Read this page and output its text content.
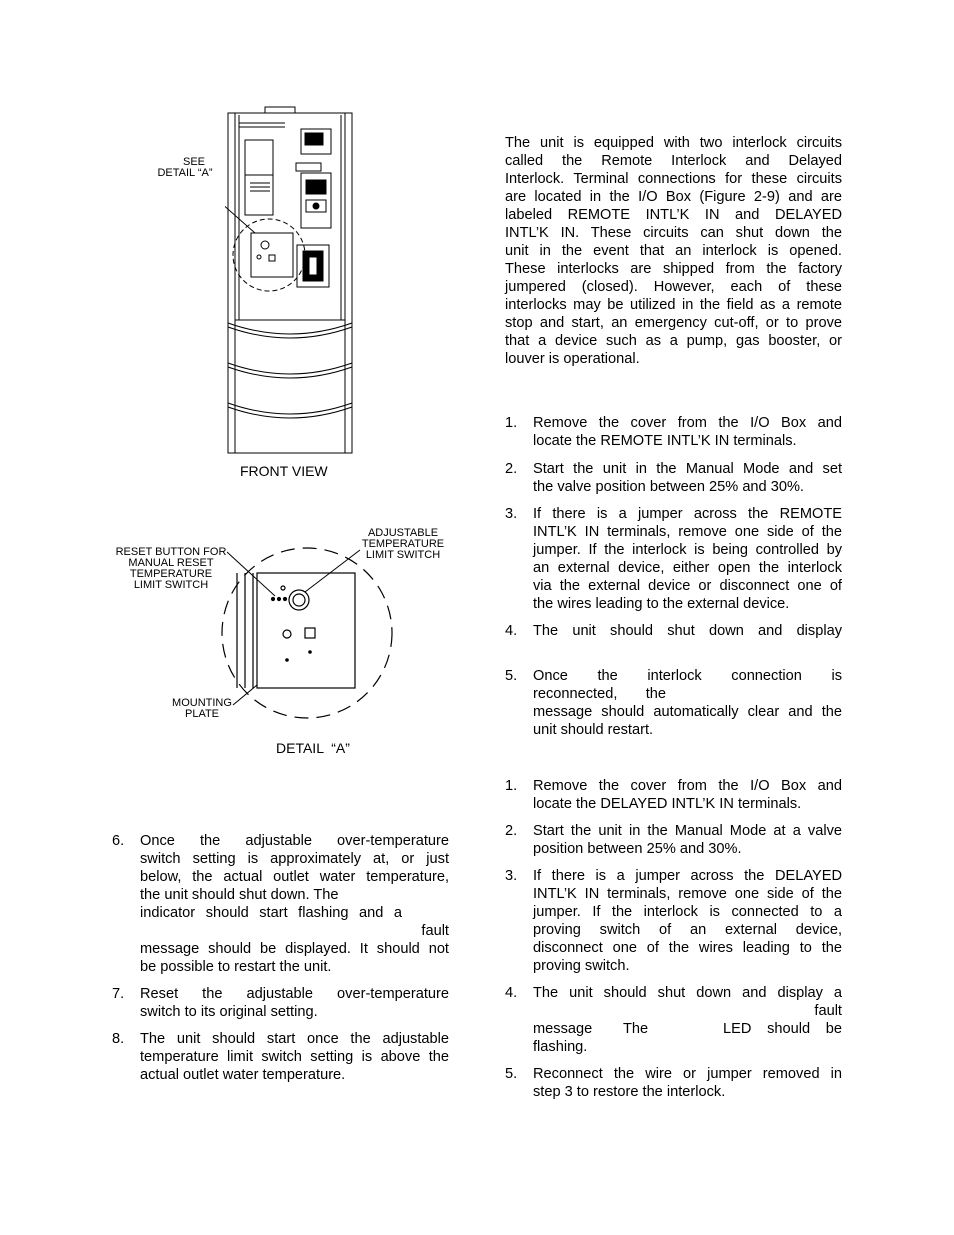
SEE
DETAIL “A”
FRONT VIEW
RESET BUTTON FOR
MANUAL RESET
TEMPERATURE
LIMIT SWITCH
ADJUSTABLE
TEMPERATURE
LIMIT SWITCH
MOUNTING
PLATE
DETAIL  “A”
6. Once the adjustable over-temperature
switch setting is approximately at, or just
below, the actual outlet water temperature,
the unit should shut down. The
indicator should start flashing and a
fault
message should be displayed. It should not
be possible to restart the unit.
7. Reset the adjustable over-temperature
switch to its original setting.
8. The unit should start once the adjustable
temperature limit switch setting is above the
actual outlet water temperature.
The unit is equipped with two interlock circuits
called the Remote Interlock and Delayed
Interlock. Terminal connections for these circuits
are located in the I/O Box (Figure 2-9) and are
labeled REMOTE INTL’K IN and DELAYED
INTL’K IN. These circuits can shut down the
unit in the event that an interlock is opened.
These interlocks are shipped from the factory
jumpered (closed). However, each of these
interlocks may be utilized in the field as a remote
stop and start, an emergency cut-off, or to prove
that a device such as a pump, gas booster, or
louver is operational.
1. Remove the cover from the I/O Box and
locate the REMOTE INTL’K IN terminals.
2. Start the unit in the Manual Mode and set
the valve position between 25% and 30%.
3. If there is a jumper across the REMOTE
INTL’K IN terminals, remove one side of the
jumper. If the interlock is being controlled by
an external device, either open the interlock
via the external device or disconnect one of
the wires leading to the external device.
4. The unit should shut down and display
5. Once the interlock connection is
reconnected, the
message should automatically clear and the
unit should restart.
1. Remove the cover from the I/O Box and
locate the DELAYED INTL’K IN terminals.
2. Start the unit in the Manual Mode at a valve
position between 25% and 30%.
3. If there is a jumper across the DELAYED
INTL’K IN terminals, remove one side of the
jumper. If the interlock is connected to a
proving switch of an external device,
disconnect one of the wires leading to the
proving switch.
4. The unit should shut down and display a
fault
message The	LED should be
flashing.
5. Reconnect the wire or jumper removed in
step 3 to restore the interlock.
